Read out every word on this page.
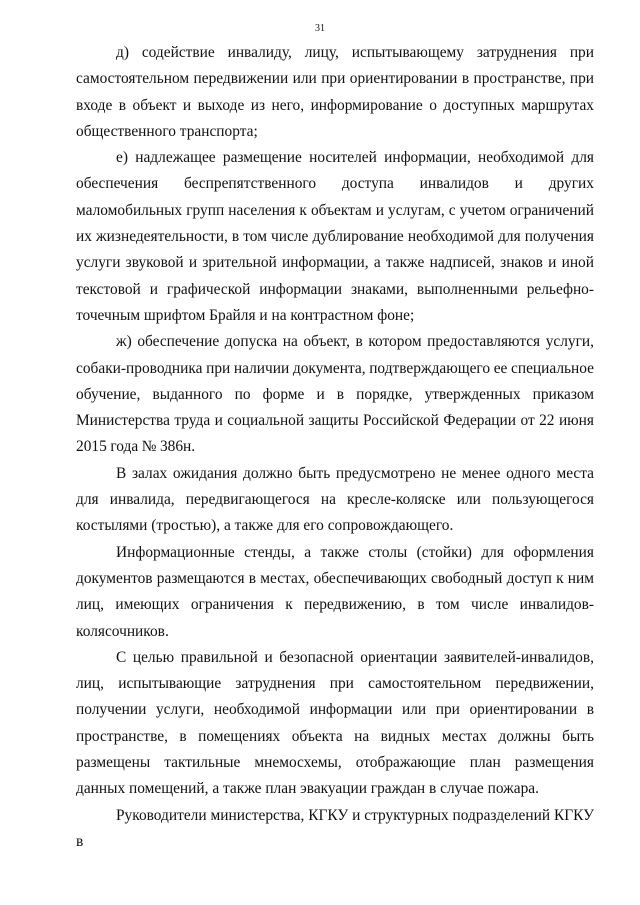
31

д) содействие инвалиду, лицу, испытывающему затруднения при самостоятельном передвижении или при ориентировании в пространстве, при входе в объект и выходе из него, информирование о доступных маршрутах общественного транспорта;

е) надлежащее размещение носителей информации, необходимой для обеспечения беспрепятственного доступа инвалидов и других маломобильных групп населения к объектам и услугам, с учетом ограничений их жизнедеятельности, в том числе дублирование необходимой для получения услуги звуковой и зрительной информации, а также надписей, знаков и иной текстовой и графической информации знаками, выполненными рельефно-точечным шрифтом Брайля и на контрастном фоне;

ж) обеспечение допуска на объект, в котором предоставляются услуги, собаки-проводника при наличии документа, подтверждающего ее специальное обучение, выданного по форме и в порядке, утвержденных приказом Министерства труда и социальной защиты Российской Федерации от 22 июня 2015 года № 386н.

В залах ожидания должно быть предусмотрено не менее одного места для инвалида, передвигающегося на кресле-коляске или пользующегося костылями (тростью), а также для его сопровождающего.

Информационные стенды, а также столы (стойки) для оформления документов размещаются в местах, обеспечивающих свободный доступ к ним лиц, имеющих ограничения к передвижению, в том числе инвалидов-колясочников.

С целью правильной и безопасной ориентации заявителей-инвалидов, лиц, испытывающие затруднения при самостоятельном передвижении, получении услуги, необходимой информации или при ориентировании в пространстве, в помещениях объекта на видных местах должны быть размещены тактильные мнемосхемы, отображающие план размещения данных помещений, а также план эвакуации граждан в случае пожара.

Руководители министерства, КГКУ и структурных подразделений КГКУ в
